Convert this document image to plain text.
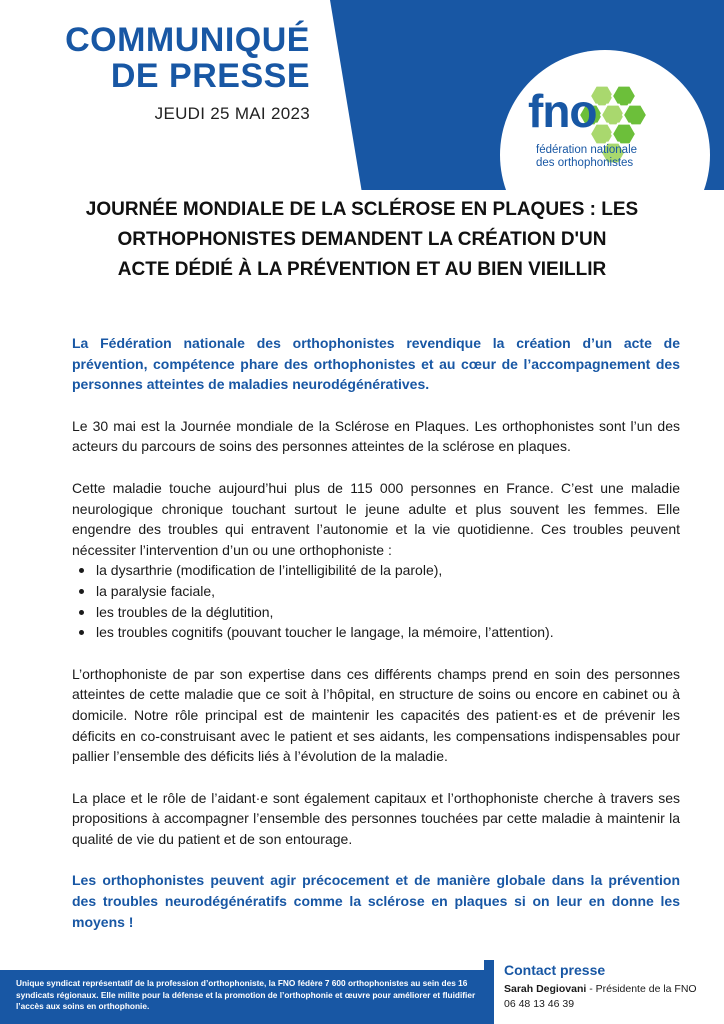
COMMUNIQUÉ
DE PRESSE
JEUDI 25 MAI 2023	fno
fédération nationale
des orthophonistes
JOURNÉE MONDIALE DE LA SCLÉROSE EN PLAQUES : LES
ORTHOPHONISTES DEMANDENT LA CRÉATION D'UN
ACTE DÉDIÉ À LA PRÉVENTION ET AU BIEN VIEILLIR

La Fédération nationale des orthophonistes revendique la création d’un acte de prévention, compétence phare des orthophonistes et au cœur de l’accompagnement des personnes atteintes de maladies neurodégénératives.

Le 30 mai est la Journée mondiale de la Sclérose en Plaques. Les orthophonistes sont l’un des acteurs du parcours de soins des personnes atteintes de la sclérose en plaques.

Cette maladie touche aujourd’hui plus de 115 000 personnes en France. C’est une maladie neurologique chronique touchant surtout le jeune adulte et plus souvent les femmes. Elle engendre des troubles qui entravent l’autonomie et la vie quotidienne. Ces troubles peuvent nécessiter l’intervention d’un ou une orthophoniste :
la dysarthrie (modification de l’intelligibilité de la parole),
la paralysie faciale,
les troubles de la déglutition,
les troubles cognitifs (pouvant toucher le langage, la mémoire, l’attention).

L’orthophoniste de par son expertise dans ces différents champs prend en soin des personnes atteintes de cette maladie que ce soit à l’hôpital, en structure de soins ou encore en cabinet ou à domicile. Notre rôle principal est de maintenir les capacités des patient·es et de prévenir les déficits en co-construisant avec le patient et ses aidants, les compensations indispensables pour pallier l’ensemble des déficits liés à l’évolution de la maladie.

La place et le rôle de l’aidant·e sont également capitaux et l’orthophoniste cherche à travers ses propositions à accompagner l’ensemble des personnes touchées par cette maladie à maintenir la qualité de vie du patient et de son entourage.

Les orthophonistes peuvent agir précocement et de manière globale dans la prévention des troubles neurodégénératifs comme la sclérose en plaques si on leur en donne les moyens !

Unique syndicat représentatif de la profession d’orthophoniste, la FNO fédère 7 600 orthophonistes au sein des 16 syndicats régionaux. Elle milite pour la défense et la promotion de l’orthophonie et œuvre pour améliorer et fluidifier l’accès aux soins en orthophonie.
Contact presse
Sarah Degiovani - Présidente de la FNO
06 48 13 46 39
